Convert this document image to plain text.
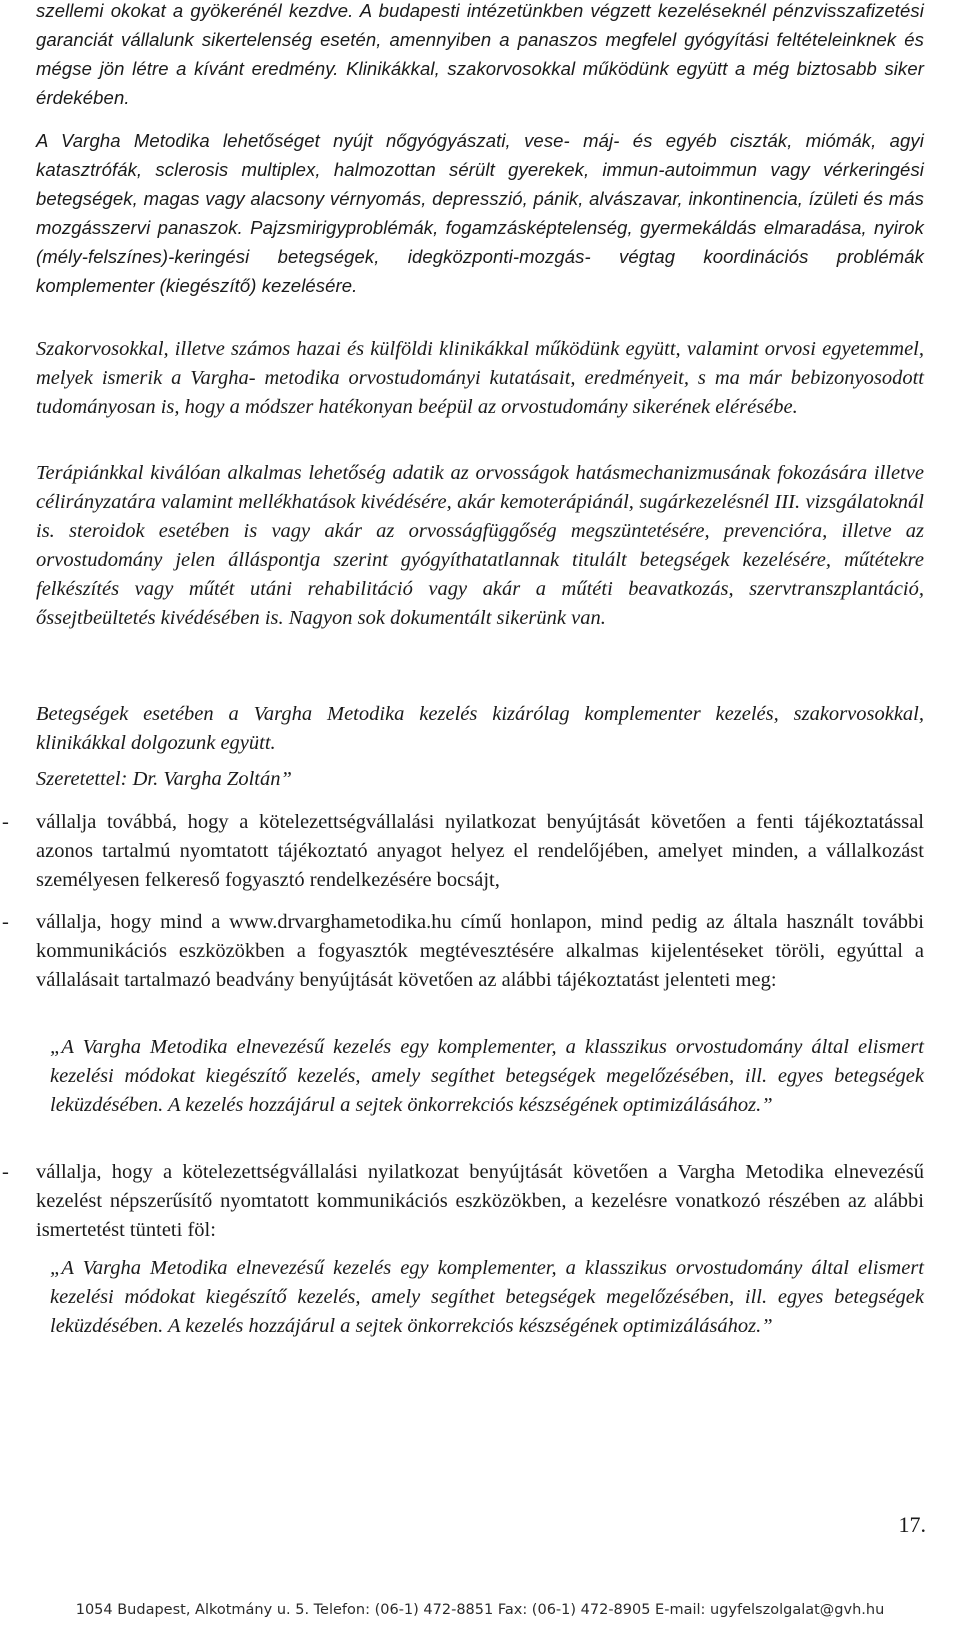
szellemi okokat a gyökerénél kezdve. A budapesti intézetünkben végzett kezeléseknél pénzvisszafizetési garanciát vállalunk sikertelenség esetén, amennyiben a panaszos megfelel gyógyítási feltételeinknek és mégse jön létre a kívánt eredmény. Klinikákkal, szakorvosokkal működünk együtt a még biztosabb siker érdekében.

A Vargha Metodika lehetőséget nyújt nőgyógyászati, vese- máj- és egyéb ciszták, miómák, agyi katasztrófák, sclerosis multiplex, halmozottan sérült gyerekek, immun-autoimmun vagy vérkeringési betegségek, magas vagy alacsony vérnyomás, depresszió, pánik, alvászavar, inkontinencia, ízületi és más mozgásszervi panaszok. Pajzsmirigyproblémák, fogamzásképtelenség, gyermekáldás elmaradása, nyirok (mély-felszínes)-keringési betegségek, idegközponti-mozgás- végtag koordinációs problémák komplementer (kiegészítő) kezelésére.

Szakorvosokkal, illetve számos hazai és külföldi klinikákkal működünk együtt, valamint orvosi egyetemmel, melyek ismerik a Vargha- metodika orvostudományi kutatásait, eredményeit, s ma már bebizonyosodott tudományosan is, hogy a módszer hatékonyan beépül az orvostudomány sikerének elérésébe.

Terápiánkkal kiválóan alkalmas lehetőség adatik az orvosságok hatásmechanizmusának fokozására illetve célirányzatára valamint mellékhatások kivédésére, akár kemoterápiánál, sugárkezelésnél III. vizsgálatoknál is. steroidok esetében is vagy akár az orvosságfüggőség megszüntetésére, prevencióra, illetve az orvostudomány jelen álláspontja szerint gyógyíthatatlannak titulált betegségek kezelésére, műtétekre felkészítés vagy műtét utáni rehabilitáció vagy akár a műtéti beavatkozás, szervtranszplantáció, őssejtbeültetés kivédésében is. Nagyon sok dokumentált sikerünk van.

Betegségek esetében a Vargha Metodika kezelés kizárólag komplementer kezelés, szakorvosokkal, klinikákkal dolgozunk együtt.

Szeretettel: Dr. Vargha Zoltán”

- vállalja továbbá, hogy a kötelezettségvállalási nyilatkozat benyújtását követően a fenti tájékoztatással azonos tartalmú nyomtatott tájékoztató anyagot helyez el rendelőjében, amelyet minden, a vállalkozást személyesen felkereső fogyasztó rendelkezésére bocsájt,

- vállalja, hogy mind a www.drvarghametodika.hu című honlapon, mind pedig az általa használt további kommunikációs eszközökben a fogyasztók megtévesztésére alkalmas kijelentéseket töröli, egyúttal a vállalásait tartalmazó beadvány benyújtását követően az alábbi tájékoztatást jelenteti meg:

„A Vargha Metodika elnevezésű kezelés egy komplementer, a klasszikus orvostudomány által elismert kezelési módokat kiegészítő kezelés, amely segíthet betegségek megelőzésében, ill. egyes betegségek leküzdésében. A kezelés hozzájárul a sejtek önkorrekciós készségének optimizálásához.”

- vállalja, hogy a kötelezettségvállalási nyilatkozat benyújtását követően a Vargha Metodika elnevezésű kezelést népszerűsítő nyomtatott kommunikációs eszközökben, a kezelésre vonatkozó részében az alábbi ismertetést tünteti föl:

„A Vargha Metodika elnevezésű kezelés egy komplementer, a klasszikus orvostudomány által elismert kezelési módokat kiegészítő kezelés, amely segíthet betegségek megelőzésében, ill. egyes betegségek leküzdésében. A kezelés hozzájárul a sejtek önkorrekciós készségének optimizálásához.”

17.
1054 Budapest, Alkotmány u. 5. Telefon: (06-1) 472-8851 Fax: (06-1) 472-8905 E-mail: ugyfelszolgalat@gvh.hu
